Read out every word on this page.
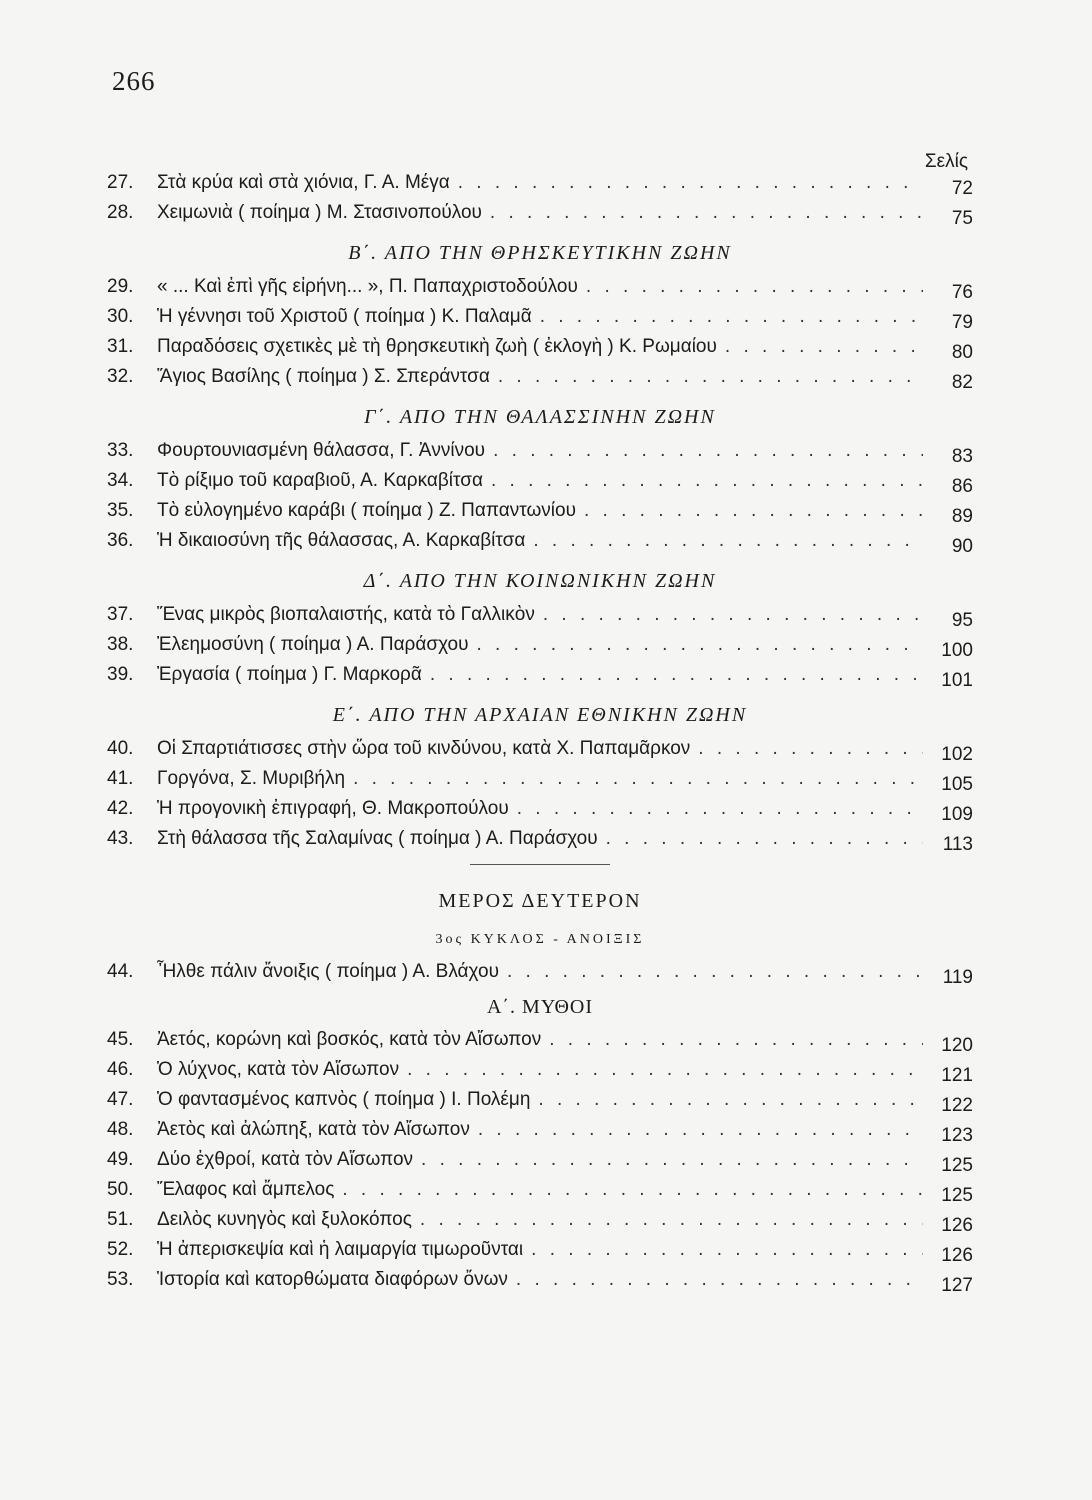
266
Σελίς
27.	Στὰ κρύα καὶ στὰ χιόνια, Γ. Α. Μέγα . . .	72
28.	Χειμωνιὰ ( ποίημα ) Μ. Στασινοπούλου . . .	75
Β΄. ΑΠΟ ΤΗΝ ΘΡΗΣΚΕΥΤΙΚΗΝ ΖΩΗΝ
29.	« ... Καὶ ἐπὶ γῆς εἰρήνη... », Π. Παπαχριστοδούλου . . .	76
30.	Ἡ γέννησι τοῦ Χριστοῦ ( ποίημα ) Κ. Παλαμᾶ . . .	79
31.	Παραδόσεις σχετικὲς μὲ τὴ θρησκευτικὴ ζωὴ ( ἐκλογὴ ) Κ. Ρωμαίου . . .	80
32.	Ἅγιος Βασίλης ( ποίημα ) Σ. Σπεράντσα . . .	82
Γ΄. ΑΠΟ ΤΗΝ ΘΑΛΑΣΣΙΝΗΝ ΖΩΗΝ
33.	Φουρτουνιασμένη θάλασσα, Γ. Ἀννίνου . . .	83
34.	Τὸ ρίξιμο τοῦ καραβιοῦ, Α. Καρκαβίτσα . . .	86
35.	Τὸ εὐλογημένο καράβι ( ποίημα ) Ζ. Παπαντωνίου . . .	89
36.	Ἡ δικαιοσύνη τῆς θάλασσας, Α. Καρκαβίτσα . . .	90
Δ΄. ΑΠΟ ΤΗΝ ΚΟΙΝΩΝΙΚΗΝ ΖΩΗΝ
37.	Ἕνας μικρὸς βιοπαλαιστής, κατὰ τὸ Γαλλικὸν . . .	95
38.	Ἐλεημοσύνη ( ποίημα ) Α. Παράσχου . . .	100
39.	Ἐργασία ( ποίημα ) Γ. Μαρκορᾶ . . .	101
Ε΄. ΑΠΟ ΤΗΝ ΑΡΧΑΙΑΝ ΕΘΝΙΚΗΝ ΖΩΗΝ
40.	Οἱ Σπαρτιάτισσες στὴν ὥρα τοῦ κινδύνου, κατὰ Χ. Παπαμᾶρκον . . .	102
41.	Γοργόνα, Σ. Μυριβήλη . . .	105
42.	Ἡ προγονικὴ ἐπιγραφή, Θ. Μακροπούλου . . .	109
43.	Στὴ θάλασσα τῆς Σαλαμίνας ( ποίημα ) Α. Παράσχου . . .	113
ΜΕΡΟΣ ΔΕΥΤΕΡΟΝ
3ος ΚΥΚΛΟΣ - ΑΝΟΙΞΙΣ
44.	Ἦλθε πάλιν ἄνοιξις ( ποίημα ) Α. Βλάχου . . .	119
Α΄. ΜΥΘΟΙ
45.	Ἀετός, κορώνη καὶ βοσκός, κατὰ τὸν Αἴσωπον . . .	120
46.	Ὁ λύχνος, κατὰ τὸν Αἴσωπον . . .	121
47.	Ὁ φαντασμένος καπνὸς ( ποίημα ) Ι. Πολέμη . . .	122
48.	Ἀετὸς καὶ ἀλώπηξ, κατὰ τὸν Αἴσωπον . . .	123
49.	Δύο ἐχθροί, κατὰ τὸν Αἴσωπον . . .	125
50.	Ἔλαφος καὶ ἄμπελος . . .	125
51.	Δειλὸς κυνηγὸς καὶ ξυλοκόπος . . .	126
52.	Ἡ ἀπερισκεψία καὶ ἡ λαιμαργία τιμωροῦνται . . .	126
53.	Ἱστορία καὶ κατορθώματα διαφόρων ὄνων . . .	127
